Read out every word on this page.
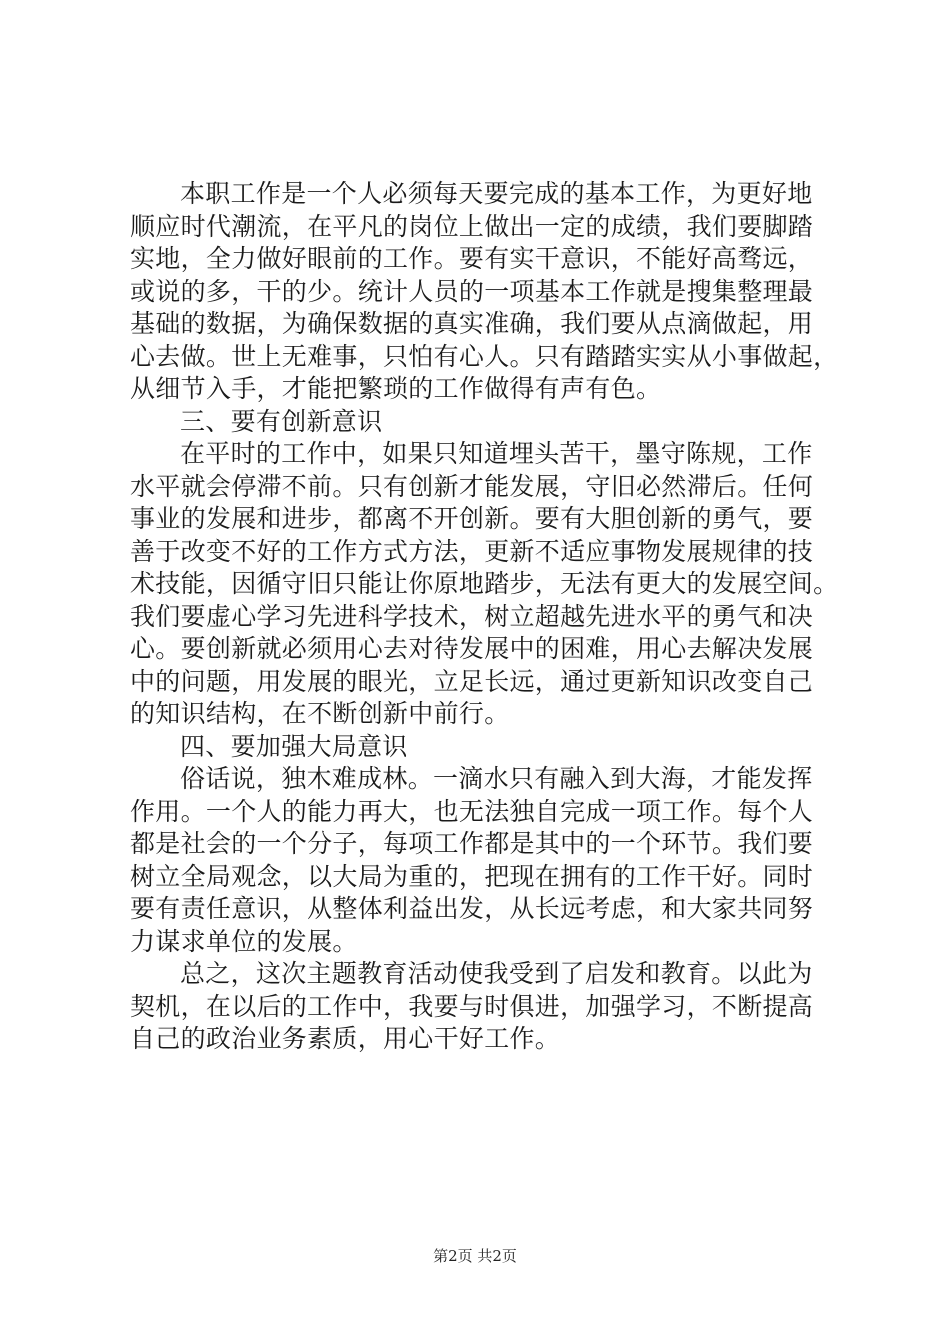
本职工作是一个人必须每天要完成的基本工作，为更好地
顺应时代潮流，在平凡的岗位上做出一定的成绩，我们要脚踏
实地，全力做好眼前的工作。要有实干意识，不能好高骛远，
或说的多，干的少。统计人员的一项基本工作就是搜集整理最
基础的数据，为确保数据的真实准确，我们要从点滴做起，用
心去做。世上无难事，只怕有心人。只有踏踏实实从小事做起，
从细节入手，才能把繁琐的工作做得有声有色。
三、要有创新意识
在平时的工作中，如果只知道埋头苦干，墨守陈规，工作
水平就会停滞不前。只有创新才能发展，守旧必然滞后。任何
事业的发展和进步，都离不开创新。要有大胆创新的勇气，要
善于改变不好的工作方式方法，更新不适应事物发展规律的技
术技能，因循守旧只能让你原地踏步，无法有更大的发展空间。
我们要虚心学习先进科学技术，树立超越先进水平的勇气和决
心。要创新就必须用心去对待发展中的困难，用心去解决发展
中的问题，用发展的眼光，立足长远，通过更新知识改变自己
的知识结构，在不断创新中前行。
四、要加强大局意识
俗话说，独木难成林。一滴水只有融入到大海，才能发挥
作用。一个人的能力再大，也无法独自完成一项工作。每个人
都是社会的一个分子，每项工作都是其中的一个环节。我们要
树立全局观念，以大局为重的，把现在拥有的工作干好。同时
要有责任意识，从整体利益出发，从长远考虑，和大家共同努
力谋求单位的发展。
总之，这次主题教育活动使我受到了启发和教育。以此为
契机，在以后的工作中，我要与时俱进，加强学习，不断提高
自己的政治业务素质，用心干好工作。
第2页 共2页
